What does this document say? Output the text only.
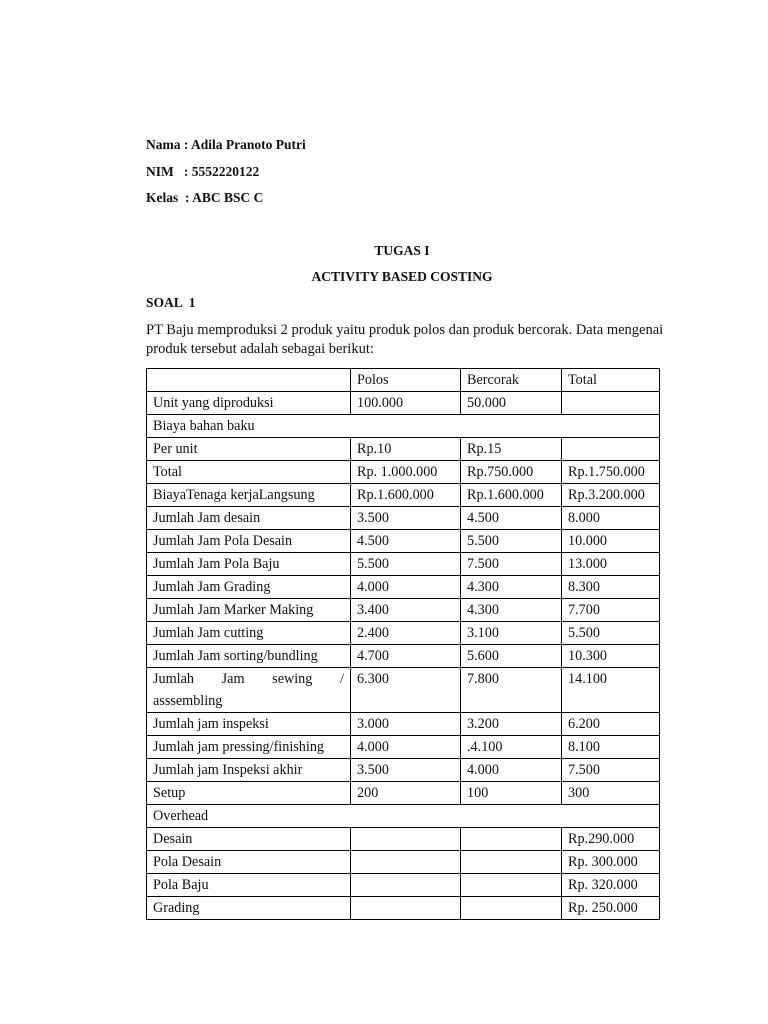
Nama : Adila Pranoto Putri
NIM   : 5552220122
Kelas  : ABC BSC C
TUGAS I
ACTIVITY BASED COSTING
SOAL  1
PT Baju memproduksi 2 produk yaitu produk polos dan produk bercorak. Data mengenai produk tersebut adalah sebagai berikut:
	Polos	Bercorak	Total
Unit yang diproduksi	100.000	50.000	
Biaya bahan baku			
Per unit	Rp.10	Rp.15	
Total	Rp. 1.000.000	Rp.750.000	Rp.1.750.000
BiayaTenaga kerjaLangsung	Rp.1.600.000	Rp.1.600.000	Rp.3.200.000
Jumlah Jam desain	3.500	4.500	8.000
Jumlah Jam Pola Desain	4.500	5.500	10.000
Jumlah Jam Pola Baju	5.500	7.500	13.000
Jumlah Jam Grading	4.000	4.300	8.300
Jumlah Jam Marker Making	3.400	4.300	7.700
Jumlah Jam cutting	2.400	3.100	5.500
Jumlah Jam sorting/bundling	4.700	5.600	10.300
Jumlah      Jam      sewing      /
asssembling	6.300	7.800	14.100
Jumlah jam inspeksi	3.000	3.200	6.200
Jumlah jam pressing/finishing	4.000	.4.100	8.100
Jumlah jam Inspeksi akhir	3.500	4.000	7.500
Setup	200	100	300
Overhead			
Desain			Rp.290.000
Pola Desain			Rp. 300.000
Pola Baju			Rp. 320.000
Grading			Rp. 250.000
